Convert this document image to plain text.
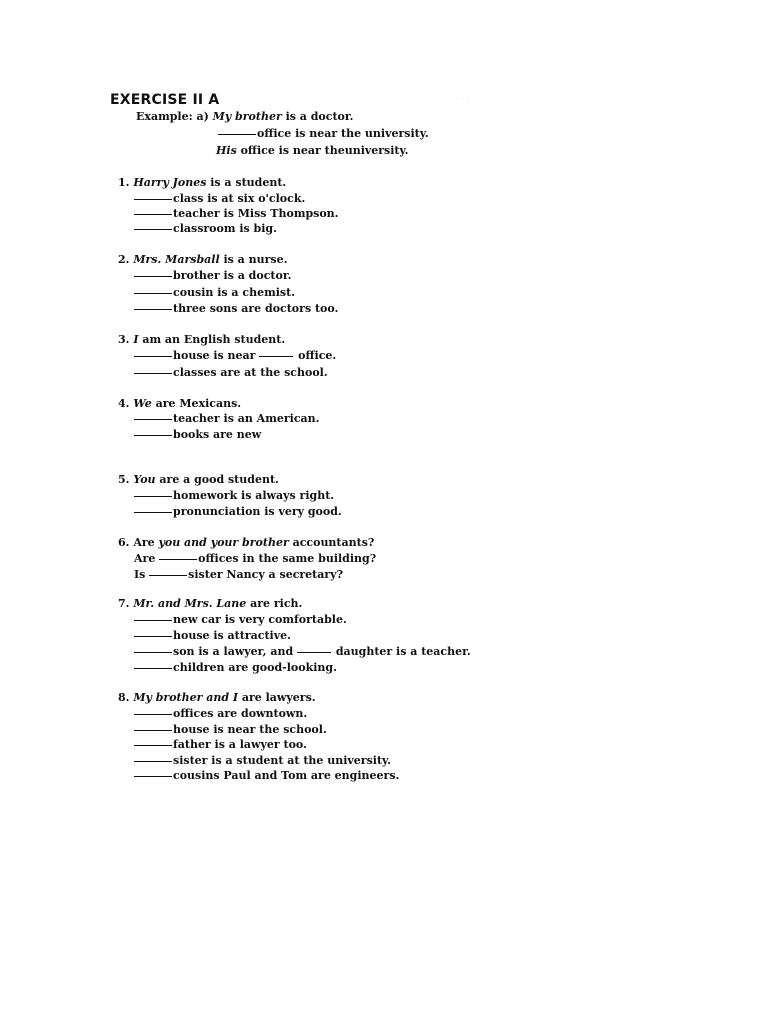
EXERCISE II A
Example: a) My brother is a doctor.
office is near the university.
His office is near theuniversity.
1. Harry Jones is a student.
class is at six o'clock.
teacher is Miss Thompson.
classroom is big.
2. Mrs. Marsball is a nurse.
brother is a doctor.
cousin is a chemist.
three sons are doctors too.
3. I am an English student.
house is near	office.
classes are at the school.
4. We are Mexicans.
teacher is an American.
books are new
5. You are a good student.
homework is always right.
pronunciation is very good.
6. Are you and your brother accountants?
Are	offices in the same building?
Is	sister Nancy a secretary?
7. Mr. and Mrs. Lane are rich.
new car is very comfortable.
house is attractive.
son is a lawyer, and	daughter is a teacher.
children are good-looking.
8. My brother and I are lawyers.
offices are downtown.
house is near the school.
father is a lawyer too.
sister is a student at the university.
cousins Paul and Tom are engineers.
· · ·
